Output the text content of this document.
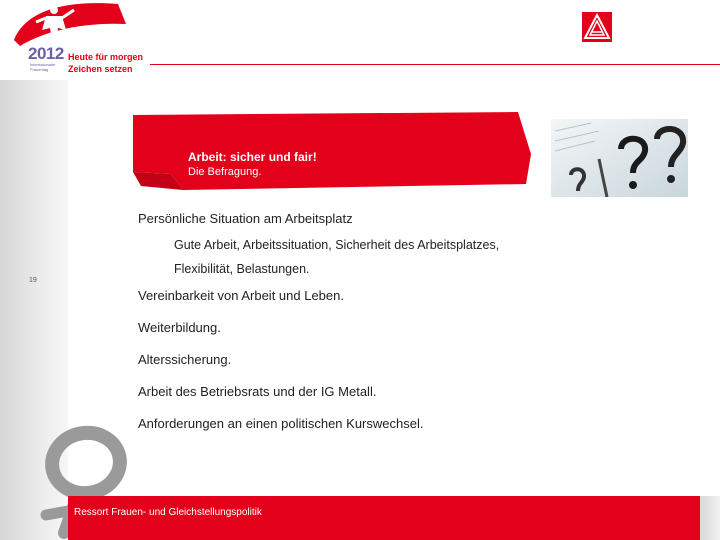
2012
Internationaler Frauentag
Heute für morgen
Zeichen setzen
Arbeit: sicher und fair!
Die Befragung.
19

Persönliche Situation am Arbeitsplatz

Gute Arbeit, Arbeitssituation, Sicherheit des Arbeitsplatzes,

Flexibilität, Belastungen.

Vereinbarkeit von Arbeit und Leben.

Weiterbildung.

Alterssicherung.

Arbeit des Betriebsrats und der IG Metall.

Anforderungen an einen politischen Kurswechsel.

Ressort Frauen- und Gleichstellungspolitik
